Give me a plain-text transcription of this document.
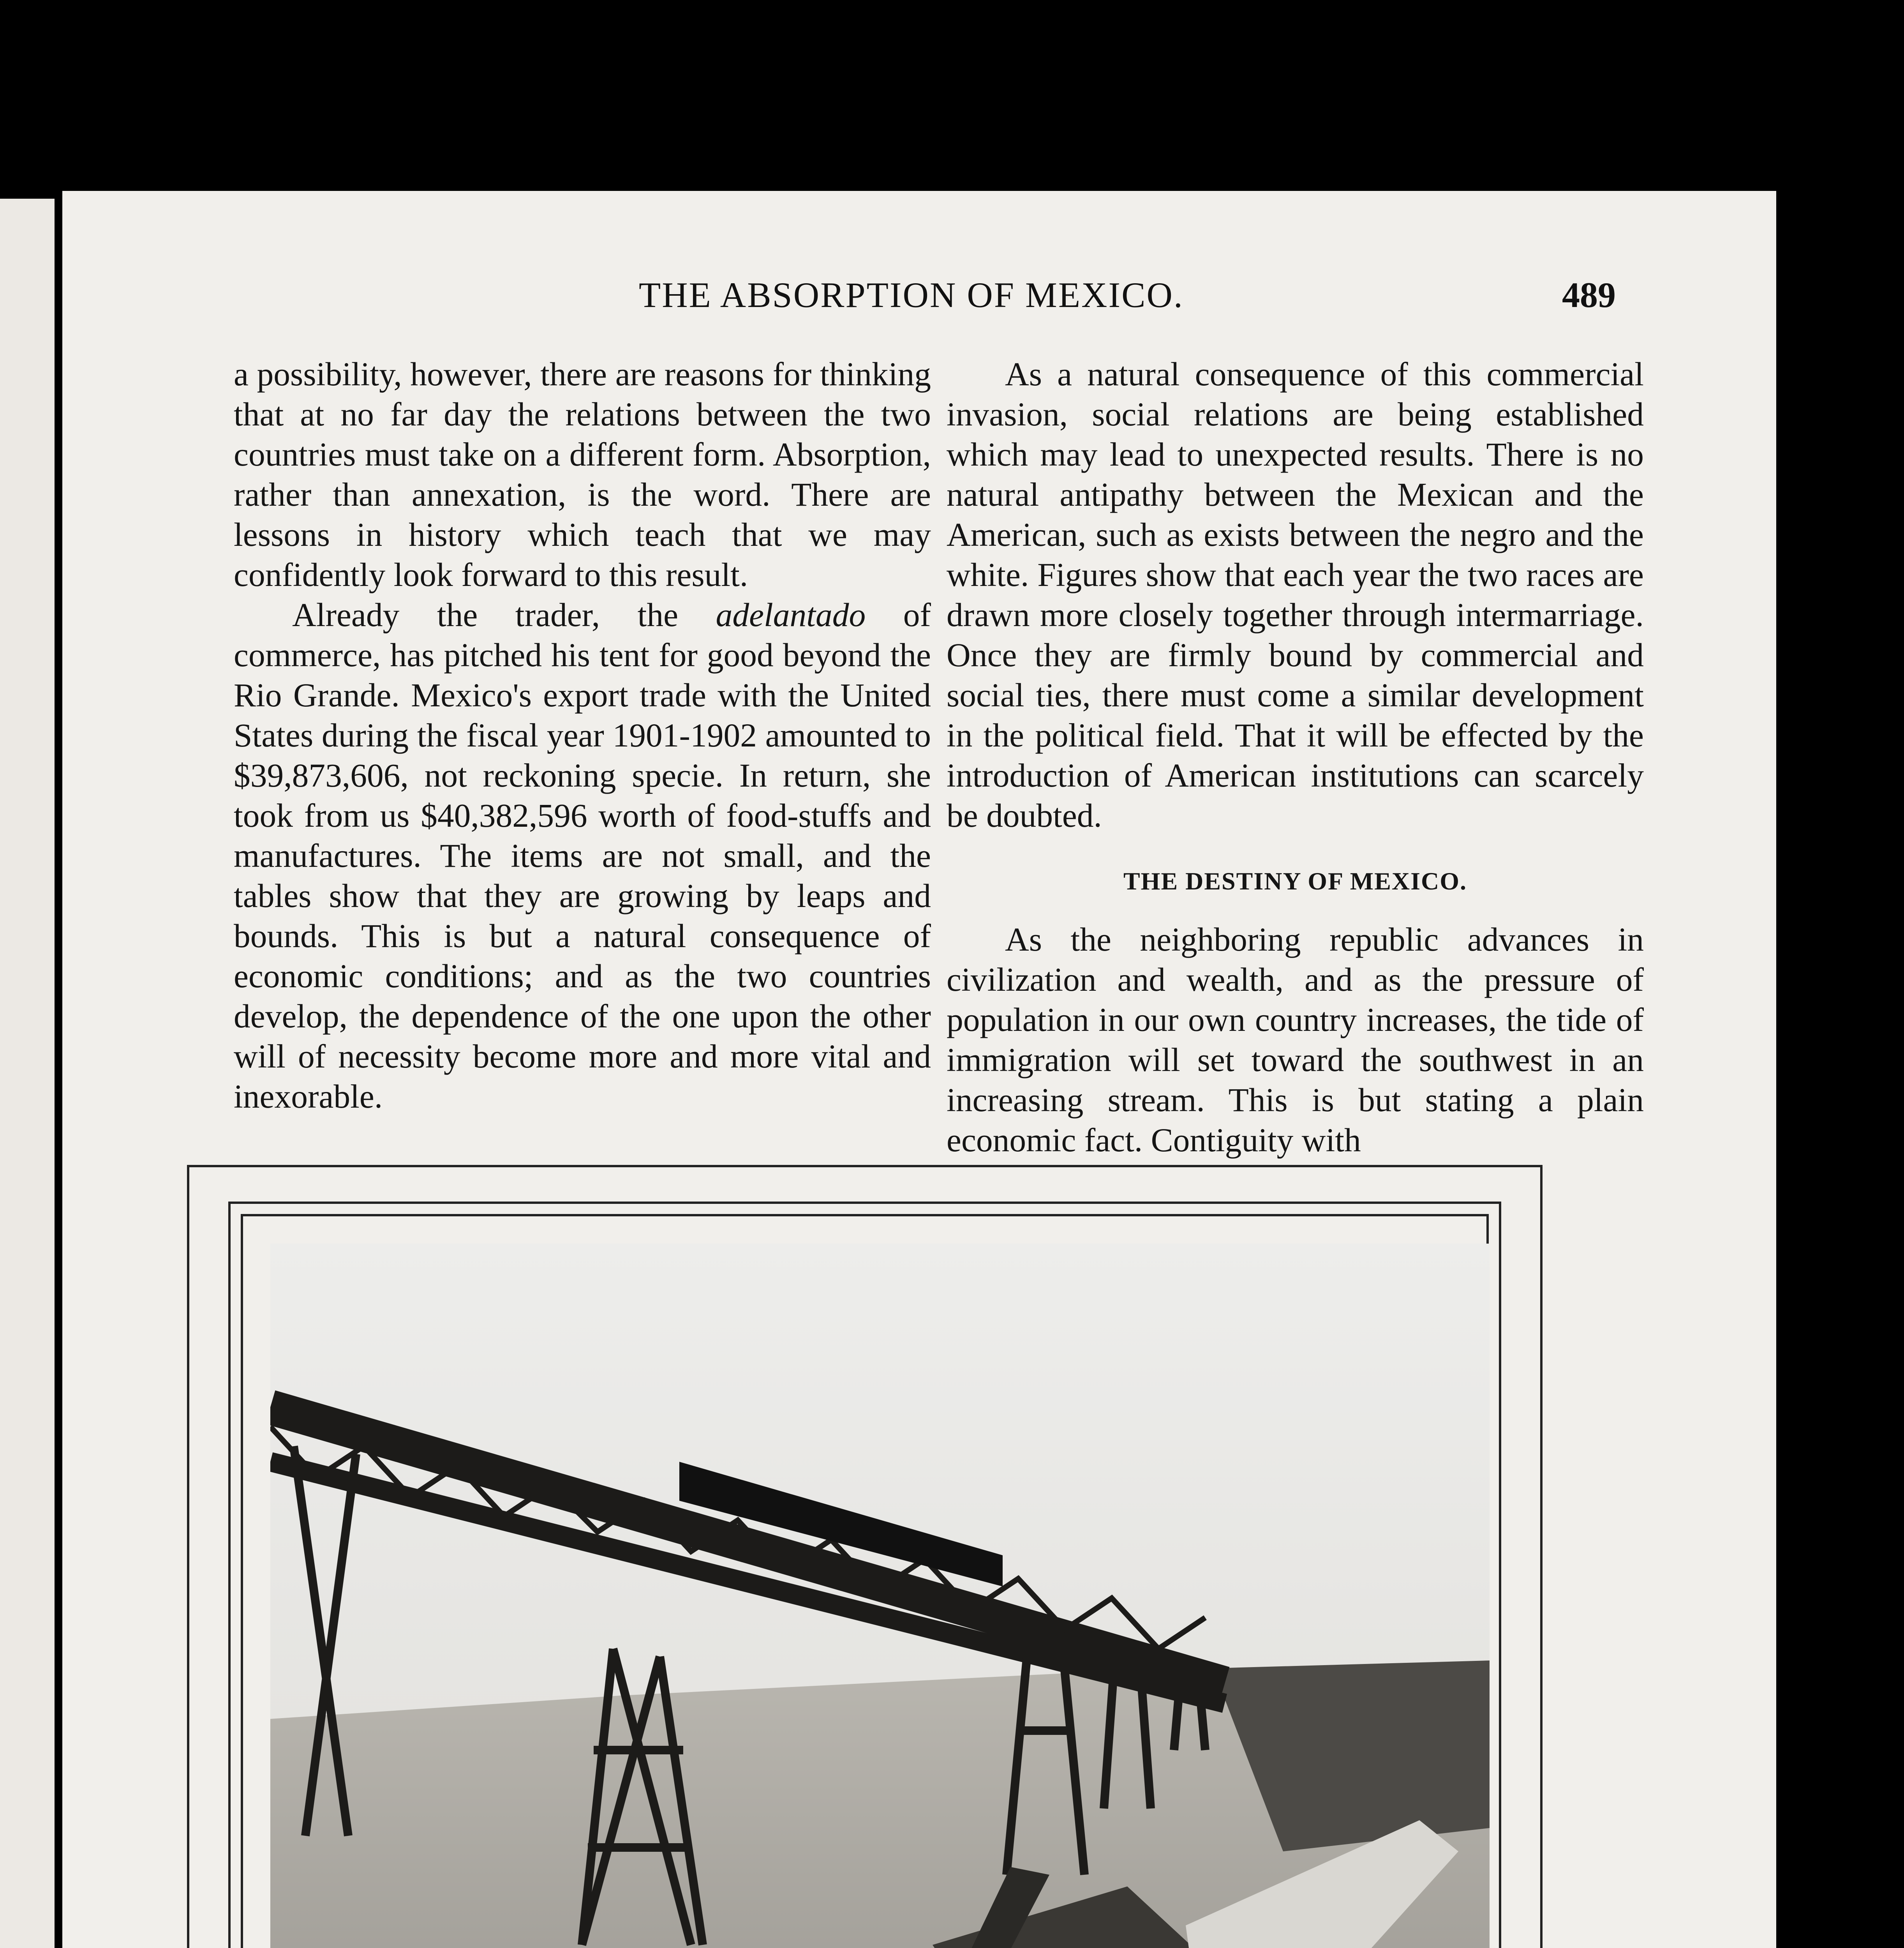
THE ABSORPTION OF MEXICO.	489

a possibility, however, there are reasons for thinking that at no far day the relations between the two countries must take on a different form. Absorption, rather than annexation, is the word. There are lessons in history which teach that we may confidently look forward to this result.

Already the trader, the adelantado of commerce, has pitched his tent for good beyond the Rio Grande. Mexico's export trade with the United States during the fiscal year 1901-1902 amounted to $39,873,606, not reckoning specie. In return, she took from us $40,382,596 worth of food-stuffs and manufactures. The items are not small, and the tables show that they are growing by leaps and bounds. This is but a natural consequence of economic conditions; and as the two countries develop, the dependence of the one upon the other will of necessity become more and more vital and inexorable.

As a natural consequence of this commercial invasion, social relations are being established which may lead to unexpected results. There is no natural antipathy between the Mexican and the American, such as exists between the negro and the white. Figures show that each year the two races are drawn more closely together through intermarriage. Once they are firmly bound by commercial and social ties, there must come a similar development in the political field. That it will be effected by the introduction of American institutions can scarcely be doubted.

THE DESTINY OF MEXICO.

As the neighboring republic advances in civilization and wealth, and as the pressure of population in our own country increases, the tide of immigration will set toward the southwest in an increasing stream. This is but stating a plain economic fact. Contiguity with
